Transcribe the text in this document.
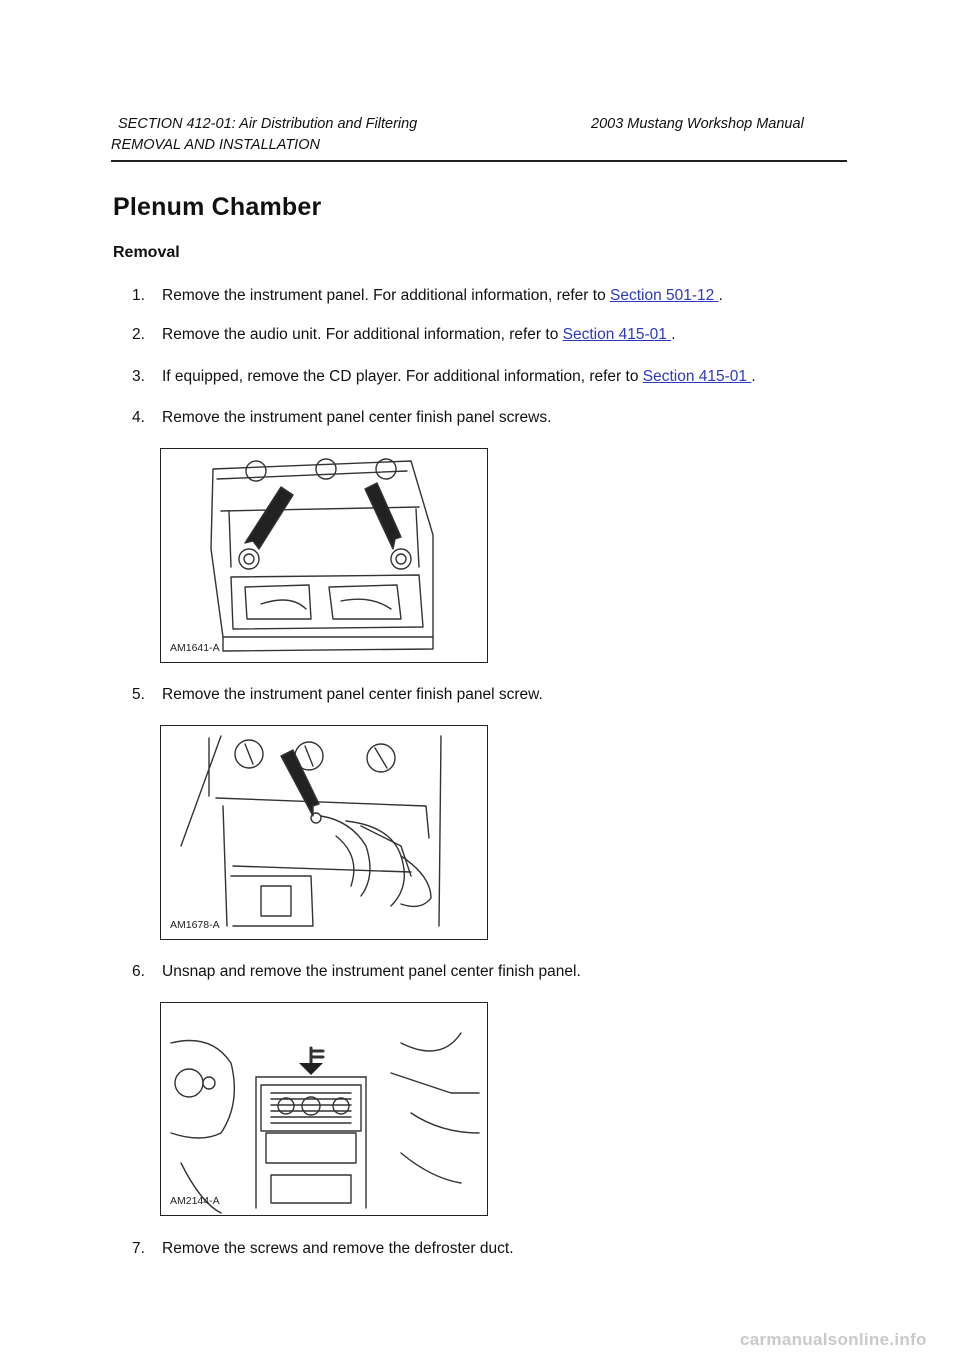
SECTION 412-01: Air Distribution and Filtering	2003 Mustang Workshop Manual
REMOVAL AND INSTALLATION
Plenum Chamber
Removal
1. Remove the instrument panel. For additional information, refer to Section 501-12 .
2. Remove the audio unit. For additional information, refer to Section 415-01 .
3. If equipped, remove the CD player. For additional information, refer to Section 415-01 .
4. Remove the instrument panel center finish panel screws.
AM1641-A
5. Remove the instrument panel center finish panel screw.
AM1678-A
6. Unsnap and remove the instrument panel center finish panel.
AM2144-A
7. Remove the screws and remove the defroster duct.
carmanualsonline.info
